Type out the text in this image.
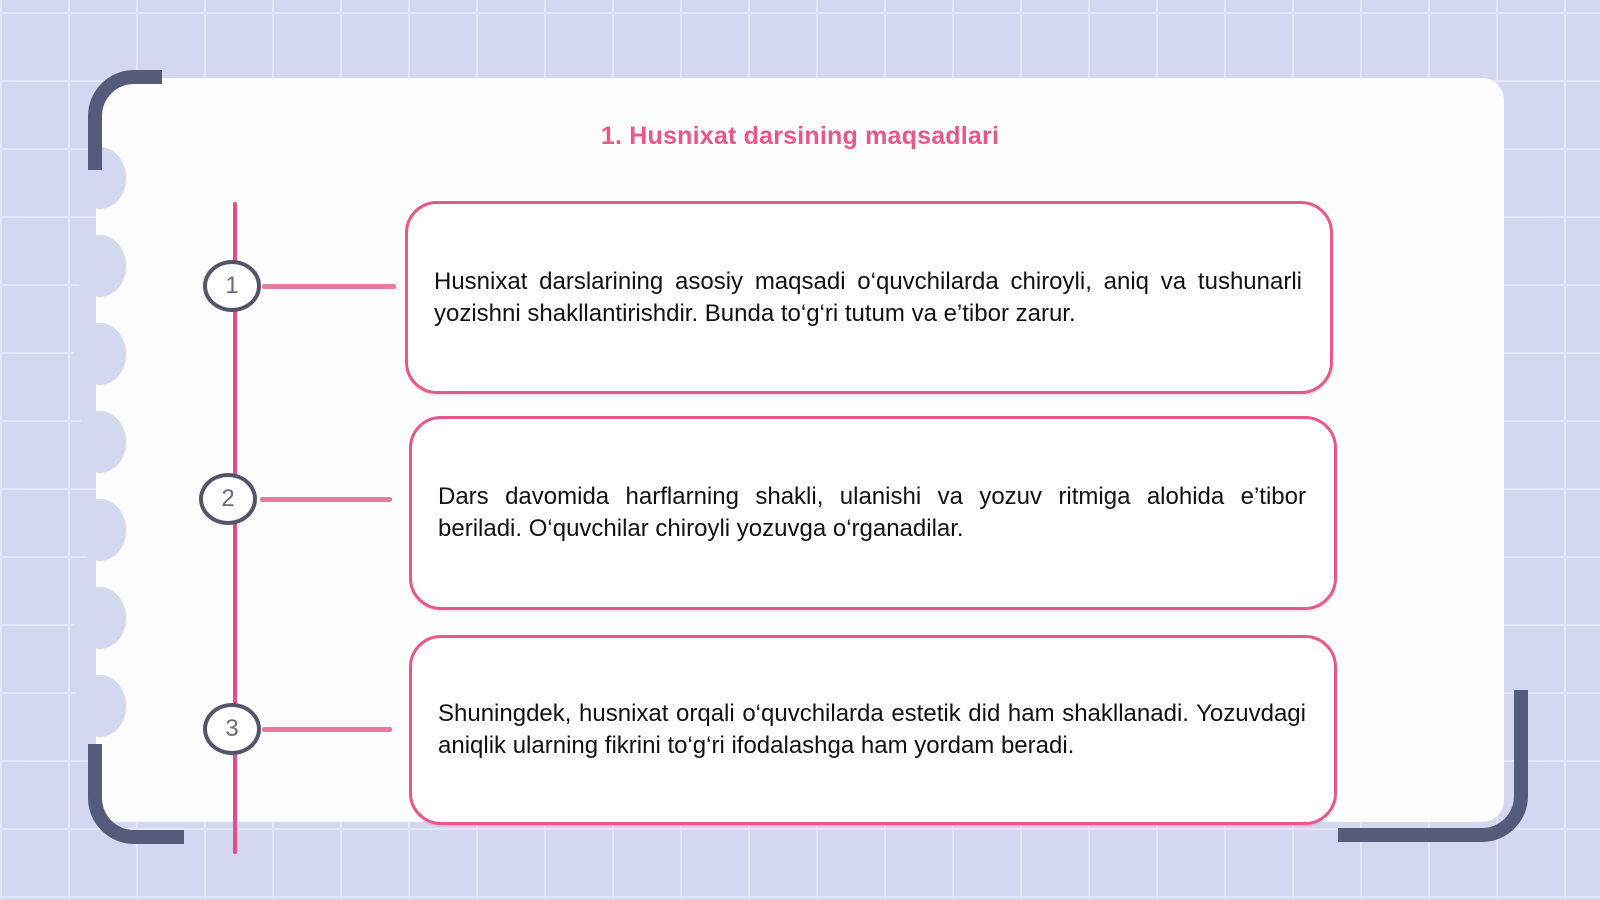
1. Husnixat darsining maqsadlari
1
2
3

Husnixat darslarining asosiy maqsadi o‘quvchilarda chiroyli, aniq va tushunarli yozishni shakllantirishdir. Bunda to‘g‘ri tutum va e’tibor zarur.

Dars davomida harflarning shakli, ulanishi va yozuv ritmiga alohida e’tibor beriladi. O‘quvchilar chiroyli yozuvga o‘rganadilar.

Shuningdek, husnixat orqali o‘quvchilarda estetik did ham shakllanadi. Yozuvdagi aniqlik ularning fikrini to‘g‘ri ifodalashga ham yordam beradi.
